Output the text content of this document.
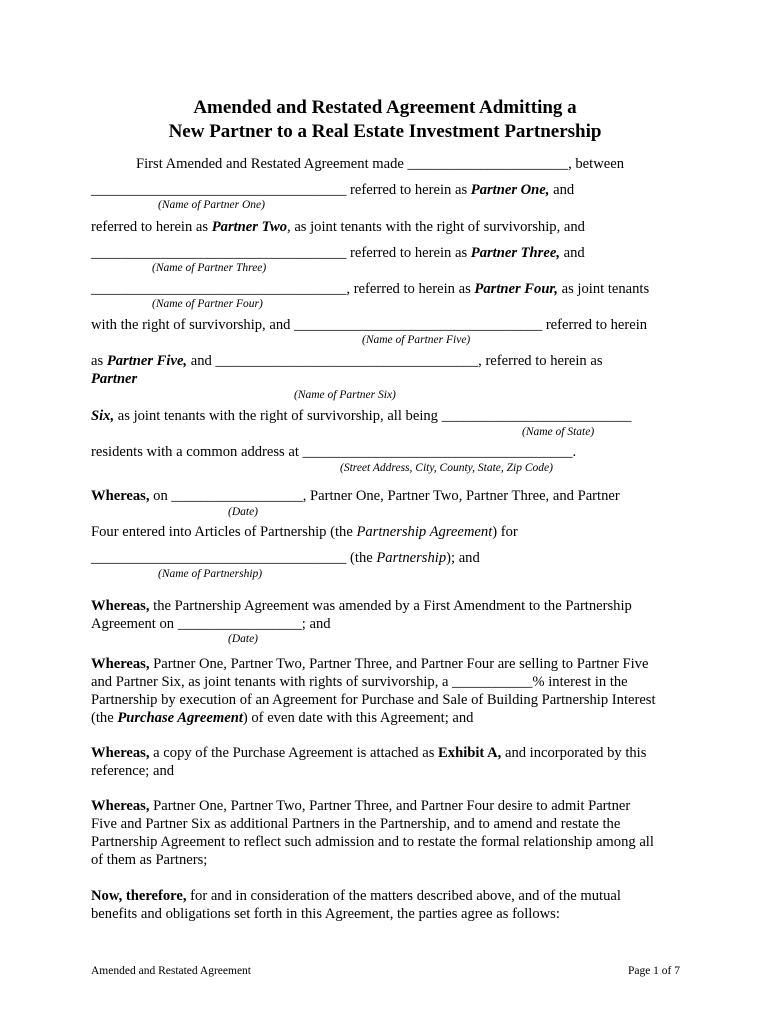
Amended and Restated Agreement Admitting a
New Partner to a Real Estate Investment Partnership
First Amended and Restated Agreement made ______________________, between
___________________________________ referred to herein as Partner One, and
(Name of Partner One)
referred to herein as Partner Two, as joint tenants with the right of survivorship, and
___________________________________ referred to herein as Partner Three, and
(Name of Partner Three)
___________________________________, referred to herein as Partner Four, as joint tenants
(Name of Partner Four)
with the right of survivorship, and __________________________________ referred to herein
(Name of Partner Five)
as Partner Five, and ____________________________________, referred to herein as
Partner
(Name of Partner Six)
Six, as joint tenants with the right of survivorship, all being __________________________
(Name of State)
residents with a common address at _____________________________________.
(Street Address, City, County, State, Zip Code)
Whereas, on __________________, Partner One, Partner Two, Partner Three, and Partner
(Date)
Four entered into Articles of Partnership (the Partnership Agreement) for
___________________________________ (the Partnership); and
(Name of Partnership)
Whereas, the Partnership Agreement was amended by a First Amendment to the Partnership
Agreement on _________________; and
(Date)
Whereas, Partner One, Partner Two, Partner Three, and Partner Four are selling to Partner Five
and Partner Six, as joint tenants with rights of survivorship, a ___________% interest in the
Partnership by execution of an Agreement for Purchase and Sale of Building Partnership Interest
(the Purchase Agreement) of even date with this Agreement; and
Whereas, a copy of the Purchase Agreement is attached as Exhibit A, and incorporated by this
reference; and
Whereas, Partner One, Partner Two, Partner Three, and Partner Four desire to admit Partner
Five and Partner Six as additional Partners in the Partnership, and to amend and restate the
Partnership Agreement to reflect such admission and to restate the formal relationship among all
of them as Partners;
Now, therefore, for and in consideration of the matters described above, and of the mutual
benefits and obligations set forth in this Agreement, the parties agree as follows:
Amended and Restated Agreement	Page 1 of 7
